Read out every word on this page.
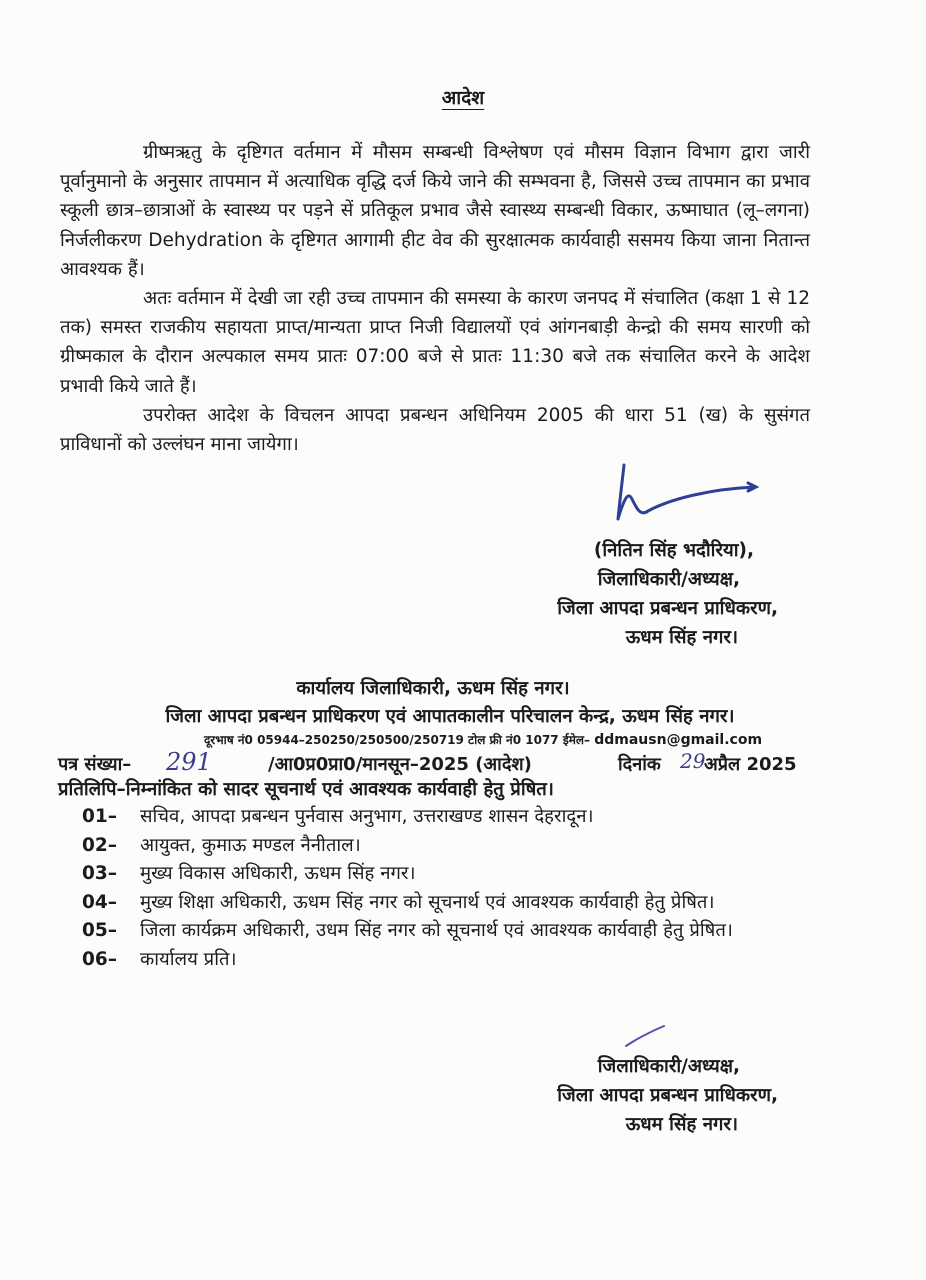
आदेश

ग्रीष्मऋतु के दृष्टिगत वर्तमान में मौसम सम्बन्धी विश्लेषण एवं मौसम विज्ञान विभाग द्वारा जारी पूर्वानुमानो के अनुसार तापमान में अत्याधिक वृद्धि दर्ज किये जाने की सम्भवना है, जिससे उच्च तापमान का प्रभाव स्कूली छात्र–छात्राओं के स्वास्थ्य पर पड़ने सें प्रतिकूल प्रभाव जैसे स्वास्थ्य सम्बन्धी विकार, ऊष्माघात (लू–लगना) निर्जलीकरण Dehydration के दृष्टिगत आगामी हीट वेव की सुरक्षात्मक कार्यवाही ससमय किया जाना नितान्त आवश्यक हैं।

अतः वर्तमान में देखी जा रही उच्च तापमान की समस्या के कारण जनपद में संचालित (कक्षा 1 से 12 तक) समस्त राजकीय सहायता प्राप्त/मान्यता प्राप्त निजी विद्यालयों एवं आंगनबाड़ी केन्द्रो की समय सारणी को ग्रीष्मकाल के दौरान अल्पकाल समय प्रातः 07:00 बजे से प्रातः 11:30 बजे तक संचालित करने के आदेश प्रभावी किये जाते हैं।

उपरोक्त आदेश के विचलन आपदा प्रबन्धन अधिनियम 2005 की धारा 51 (ख) के सुसंगत प्राविधानों को उल्लंघन माना जायेगा।

(नितिन सिंह भदौरिया),
जिलाधिकारी/अध्यक्ष,
जिला आपदा प्रबन्धन प्राधिकरण,
ऊधम सिंह नगर।
कार्यालय जिलाधिकारी, ऊधम सिंह नगर।
जिला आपदा प्रबन्धन प्राधिकरण एवं आपातकालीन परिचालन केन्द्र, ऊधम सिंह नगर।
दूरभाष नं0 05944–250250/250500/250719 टोल फ्री नं0 1077 ईमेल– ddmausn@gmail.com
पत्र संख्या– 291	/आ0प्र0प्रा0/मानसून–2025 (आदेश)	दिनांक 29
अप्रैल 2025
प्रतिलिपि–निम्नांकित को सादर सूचनार्थ एवं आवश्यक कार्यवाही हेतु प्रेषित।
01–	सचिव, आपदा प्रबन्धन पुर्नवास अनुभाग, उत्तराखण्ड शासन देहरादून।
02–	आयुक्त, कुमाऊ मण्डल नैनीताल।
03–	मुख्य विकास अधिकारी, ऊधम सिंह नगर।
04–	मुख्य शिक्षा अधिकारी, ऊधम सिंह नगर को सूचनार्थ एवं आवश्यक कार्यवाही हेतु प्रेषित।
05–	जिला कार्यक्रम अधिकारी, उधम सिंह नगर को सूचनार्थ एवं आवश्यक कार्यवाही हेतु प्रेषित।
06–	कार्यालय प्रति।
जिलाधिकारी/अध्यक्ष,
जिला आपदा प्रबन्धन प्राधिकरण,
ऊधम सिंह नगर।
